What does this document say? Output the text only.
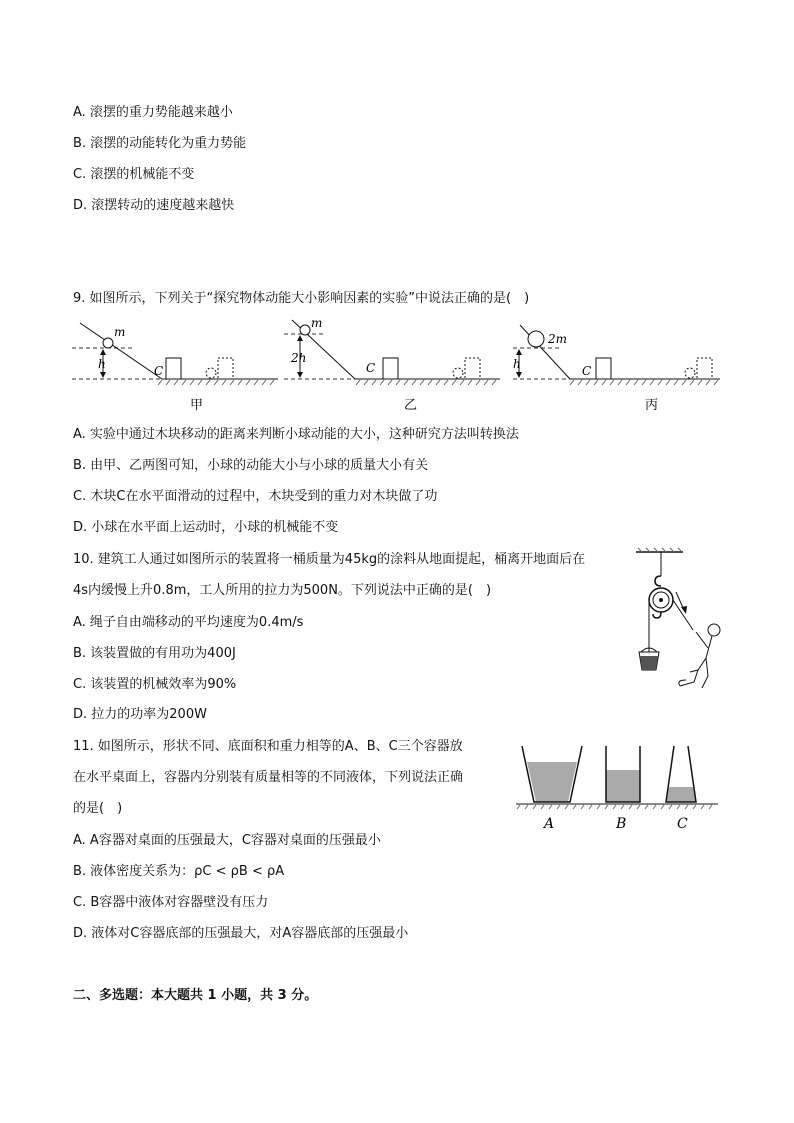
A. 滚摆的重力势能越来越小
B. 滚摆的动能转化为重力势能
C. 滚摆的机械能不变
D. 滚摆转动的速度越来越快
9. 如图所示，下列关于“探究物体动能大小影响因素的实验”中说法正确的是(　)
m
h	C
甲
m
2h
C
乙
2m
h	C
丙
A. 实验中通过木块移动的距离来判断小球动能的大小，这种研究方法叫转换法
B. 由甲、乙两图可知，小球的动能大小与小球的质量大小有关
C. 木块C在水平面滑动的过程中，木块受到的重力对木块做了功
D. 小球在水平面上运动时，小球的机械能不变
10. 建筑工人通过如图所示的装置将一桶质量为45kg的涂料从地面提起，桶离开地面后在
4s内缓慢上升0.8m，工人所用的拉力为500N。下列说法中正确的是(　)
A. 绳子自由端移动的平均速度为0.4m/s
B. 该装置做的有用功为400J
C. 该装置的机械效率为90%
D. 拉力的功率为200W
11. 如图所示，形状不同、底面积和重力相等的A、B、C三个容器放
在水平桌面上，容器内分别装有质量相等的不同液体，下列说法正确
的是(　)
A	B	C
A. A容器对桌面的压强最大，C容器对桌面的压强最小
B. 液体密度关系为：ρC < ρB < ρA
C. B容器中液体对容器壁没有压力
D. 液体对C容器底部的压强最大，对A容器底部的压强最小
二、多选题：本大题共 1 小题，共 3 分。
